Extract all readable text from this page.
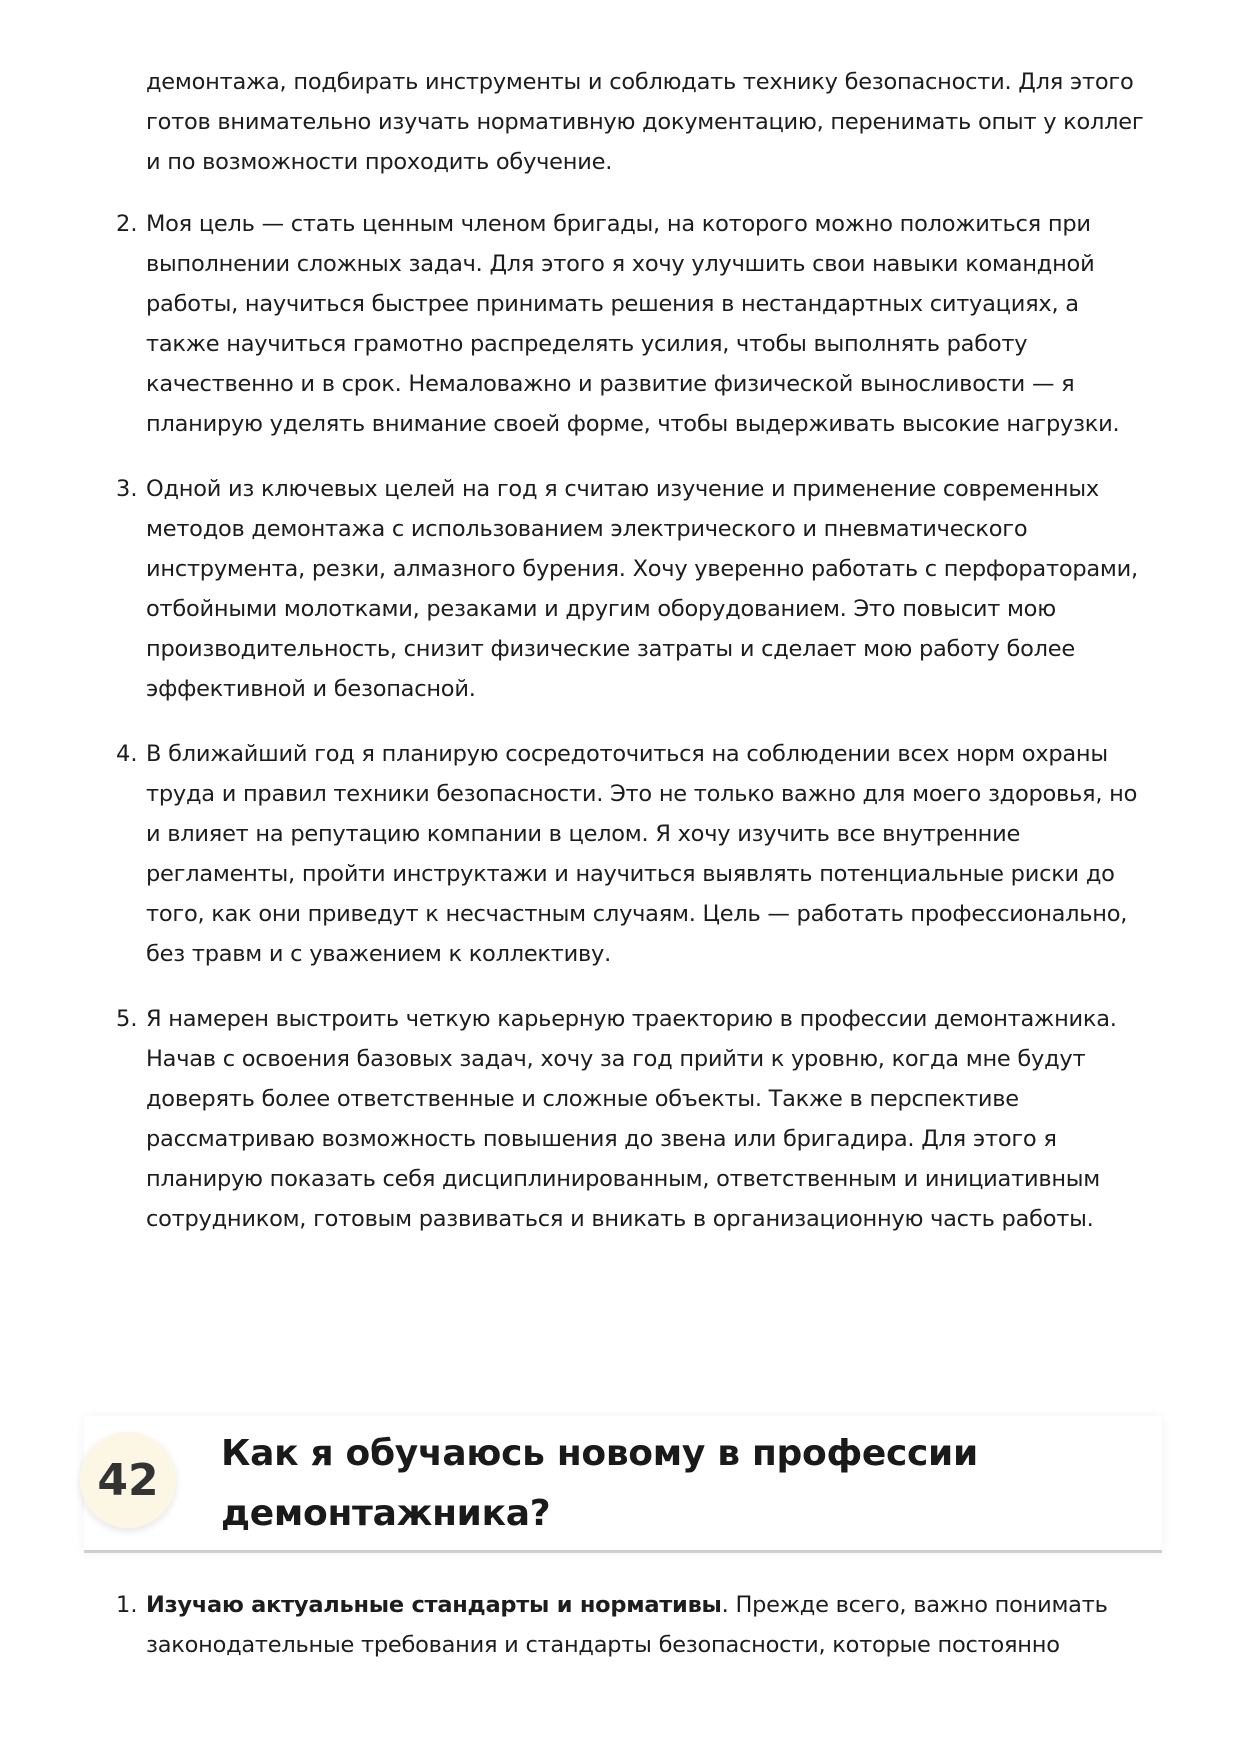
демонтажа, подбирать инструменты и соблюдать технику безопасности. Для этого готов внимательно изучать нормативную документацию, перенимать опыт у коллег и по возможности проходить обучение.

2. Моя цель — стать ценным членом бригады, на которого можно положиться при выполнении сложных задач. Для этого я хочу улучшить свои навыки командной работы, научиться быстрее принимать решения в нестандартных ситуациях, а также научиться грамотно распределять усилия, чтобы выполнять работу качественно и в срок. Немаловажно и развитие физической выносливости — я планирую уделять внимание своей форме, чтобы выдерживать высокие нагрузки.

3. Одной из ключевых целей на год я считаю изучение и применение современных методов демонтажа с использованием электрического и пневматического инструмента, резки, алмазного бурения. Хочу уверенно работать с перфораторами, отбойными молотками, резаками и другим оборудованием. Это повысит мою производительность, снизит физические затраты и сделает мою работу более эффективной и безопасной.

4. В ближайший год я планирую сосредоточиться на соблюдении всех норм охраны труда и правил техники безопасности. Это не только важно для моего здоровья, но и влияет на репутацию компании в целом. Я хочу изучить все внутренние регламенты, пройти инструктажи и научиться выявлять потенциальные риски до того, как они приведут к несчастным случаям. Цель — работать профессионально, без травм и с уважением к коллективу.

5. Я намерен выстроить четкую карьерную траекторию в профессии демонтажника. Начав с освоения базовых задач, хочу за год прийти к уровню, когда мне будут доверять более ответственные и сложные объекты. Также в перспективе рассматриваю возможность повышения до звена или бригадира. Для этого я планирую показать себя дисциплинированным, ответственным и инициативным сотрудником, готовым развиваться и вникать в организационную часть работы.

42
Как я обучаюсь новому в профессии демонтажника?
1. Изучаю актуальные стандарты и нормативы. Прежде всего, важно понимать законодательные требования и стандарты безопасности, которые постоянно
